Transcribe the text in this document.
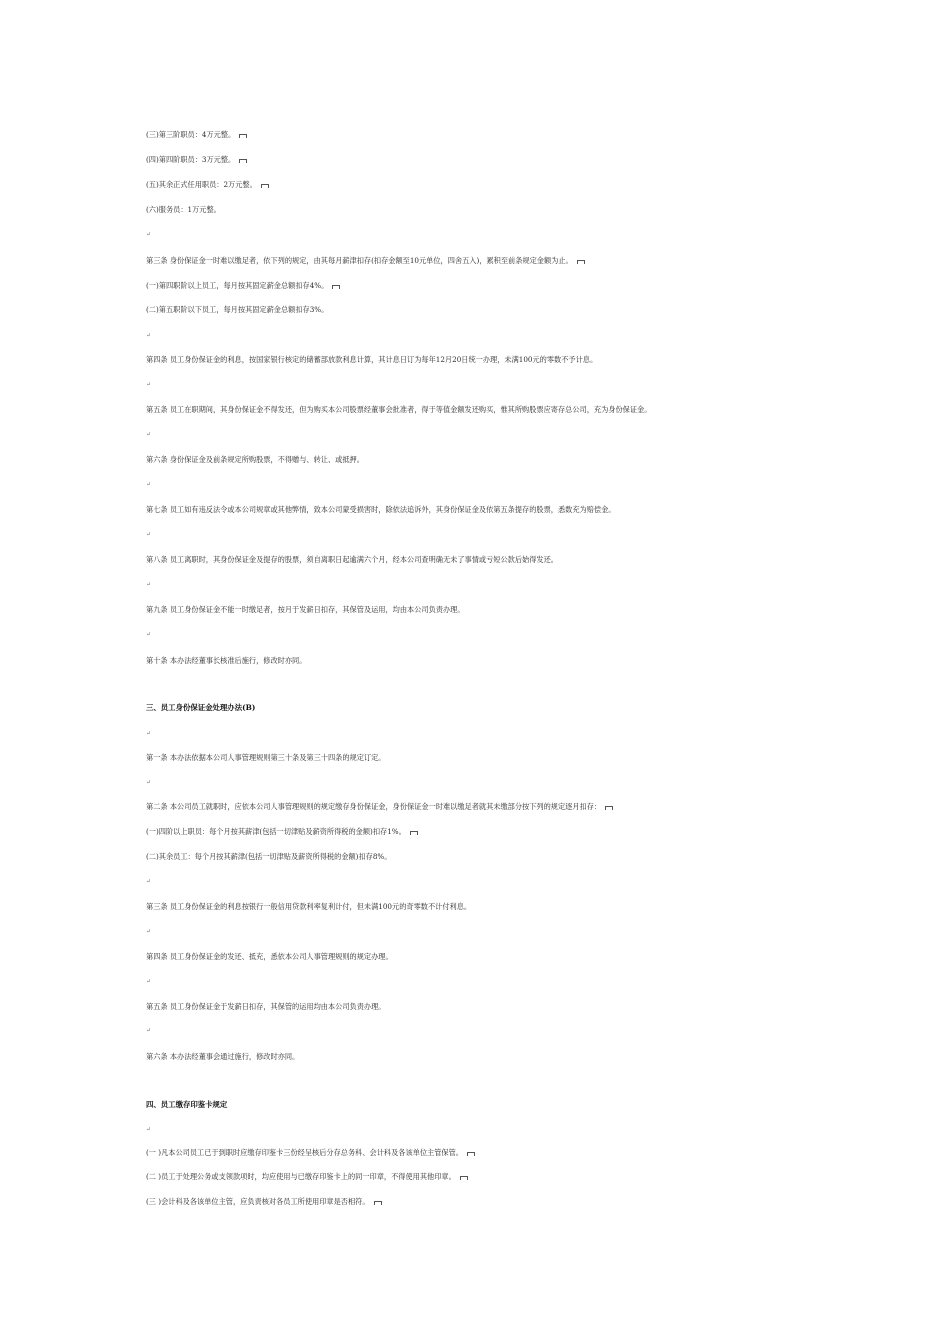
(三)第三阶职员：4万元整。
(四)第四阶职员：3万元整。
(五)其余正式任用职员：2万元整。
(六)服务员：1万元整。
↵
第三条 身份保证金一时难以缴足者，依下列的规定，由其每月薪津扣存(扣存金额至10元单位，四舍五入)，累积至前条规定金额为止。
(一)第四职阶以上员工，每月按其固定薪金总额扣存4%。
(二)第五职阶以下员工，每月按其固定薪金总额扣存3%。
↵
第四条 员工身份保证金的利息，按国家银行核定的储蓄部放款利息计算，其计息日订为每年12月20日统一办理，未满100元的零数不予计息。
↵
第五条 员工在职期间，其身份保证金不得发还，但为购买本公司股票经董事会批准者，得于等值金额发还购买，惟其所购股票应寄存总公司，充为身份保证金。
↵
第六条 身份保证金及前条规定所购股票，不得赠与、转让、或抵押。
↵
第七条 员工如有违反法令或本公司规章或其他弊情，致本公司蒙受损害时，除依法追诉外，其身份保证金及依第五条提存的股票，悉数充为赔偿金。
↵
第八条 员工离职时，其身份保证金及提存的股票，须自离职日起逾满六个月，经本公司查明确无未了事情或亏短公款后始得发还。
↵
第九条 员工身份保证金不能一时缴足者，按月于发薪日扣存，其保管及运用，均由本公司负责办理。
↵
第十条 本办法经董事长核准后施行，修改时亦同。
三、员工身份保证金处理办法(B)
↵
第一条 本办法依据本公司人事管理规则第三十条及第三十四条的规定订定。
↵
第二条 本公司员工就职时，应依本公司人事管理规则的规定缴存身份保证金，身份保证金一时难以缴足者就其未缴部分按下列的规定逐月扣存：
(一)四阶以上职员：每个月按其薪津(包括一切津贴及薪资所得税的金额)扣存1%。
(二)其余员工：每个月按其薪津(包括一切津贴及薪资所得税的金额)扣存8%。
↵
第三条 员工身份保证金的利息按银行一般信用贷款利率复利计付，但未满100元的奇零数不计付利息。
↵
第四条 员工身份保证金的发还、抵充，悉依本公司人事管理规则的规定办理。
↵
第五条 员工身份保证金于发薪日扣存，其保管的运用均由本公司负责办理。
↵
第六条 本办法经董事会通过施行，修改时亦同。
四、员工缴存印鉴卡规定
↵
(一 )凡本公司员工已于到职时应缴存印鉴卡三份经呈核后分存总务科、会计科及各该单位主管保管。
(二 )员工于处理公务或支领款项时，均应使用与已缴存印鉴卡上的同一印章，不得使用其他印章。
(三 )会计科及各该单位主管，应负责核对各员工所使用印章是否相符。
